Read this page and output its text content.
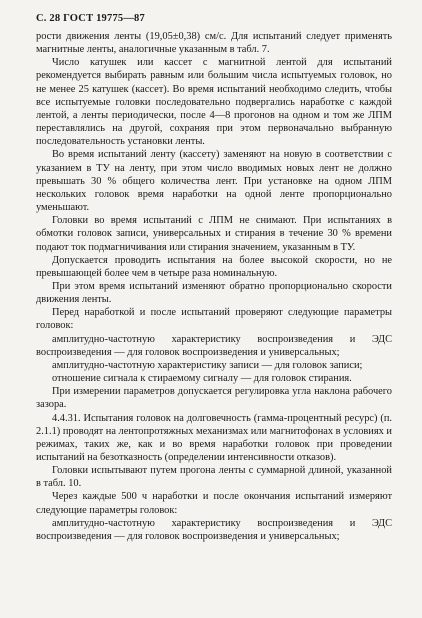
С. 28 ГОСТ 19775—87

рости движения ленты (19,05±0,38) см/с. Для испытаний следует применять магнитные ленты, аналогичные указанным в табл. 7.

Число катушек или кассет с магнитной лентой для испытаний рекомендуется выбирать равным или большим числа испытуемых головок, но не менее 25 катушек (кассет). Во время испытаний необходимо следить, чтобы все испытуемые головки последовательно подвергались наработке с каждой лентой, а ленты периодически, после 4—8 прогонов на одном и том же ЛПМ переставлялись на другой, сохраняя при этом первоначально выбранную последовательность установки ленты.

Во время испытаний ленту (кассету) заменяют на новую в соответствии с указанием в ТУ на ленту, при этом число вводимых новых лент не должно превышать 30 % общего количества лент. При установке на одном ЛПМ нескольких головок время наработки на одной ленте пропорционально уменьшают.

Головки во время испытаний с ЛПМ не снимают. При испытаниях в обмотки головок записи, универсальных и стирания в течение 30 % времени подают ток подмагничивания или стирания значением, указанным в ТУ.

Допускается проводить испытания на более высокой скорости, но не превышающей более чем в четыре раза номинальную.

При этом время испытаний изменяют обратно пропорционально скорости движения ленты.

Перед наработкой и после испытаний проверяют следующие параметры головок:

амплитудно-частотную характеристику воспроизведения и ЭДС воспроизведения — для головок воспроизведения и универсальных;

амплитудно-частотную характеристику записи — для головок записи;

отношение сигнала к стираемому сигналу — для головок стирания.

При измерении параметров допускается регулировка угла наклона рабочего зазора.

4.4.31. Испытания головок на долговечность (гамма-процентный ресурс) (п. 2.1.1) проводят на лентопротяжных механизмах или магнитофонах в условиях и режимах, таких же, как и во время наработки головок при проведении испытаний на безотказность (определении интенсивности отказов).

Головки испытывают путем прогона ленты с суммарной длиной, указанной в табл. 10.

Через каждые 500 ч наработки и после окончания испытаний измеряют следующие параметры головок:

амплитудно-частотную характеристику воспроизведения и ЭДС воспроизведения — для головок воспроизведения и универсальных;
